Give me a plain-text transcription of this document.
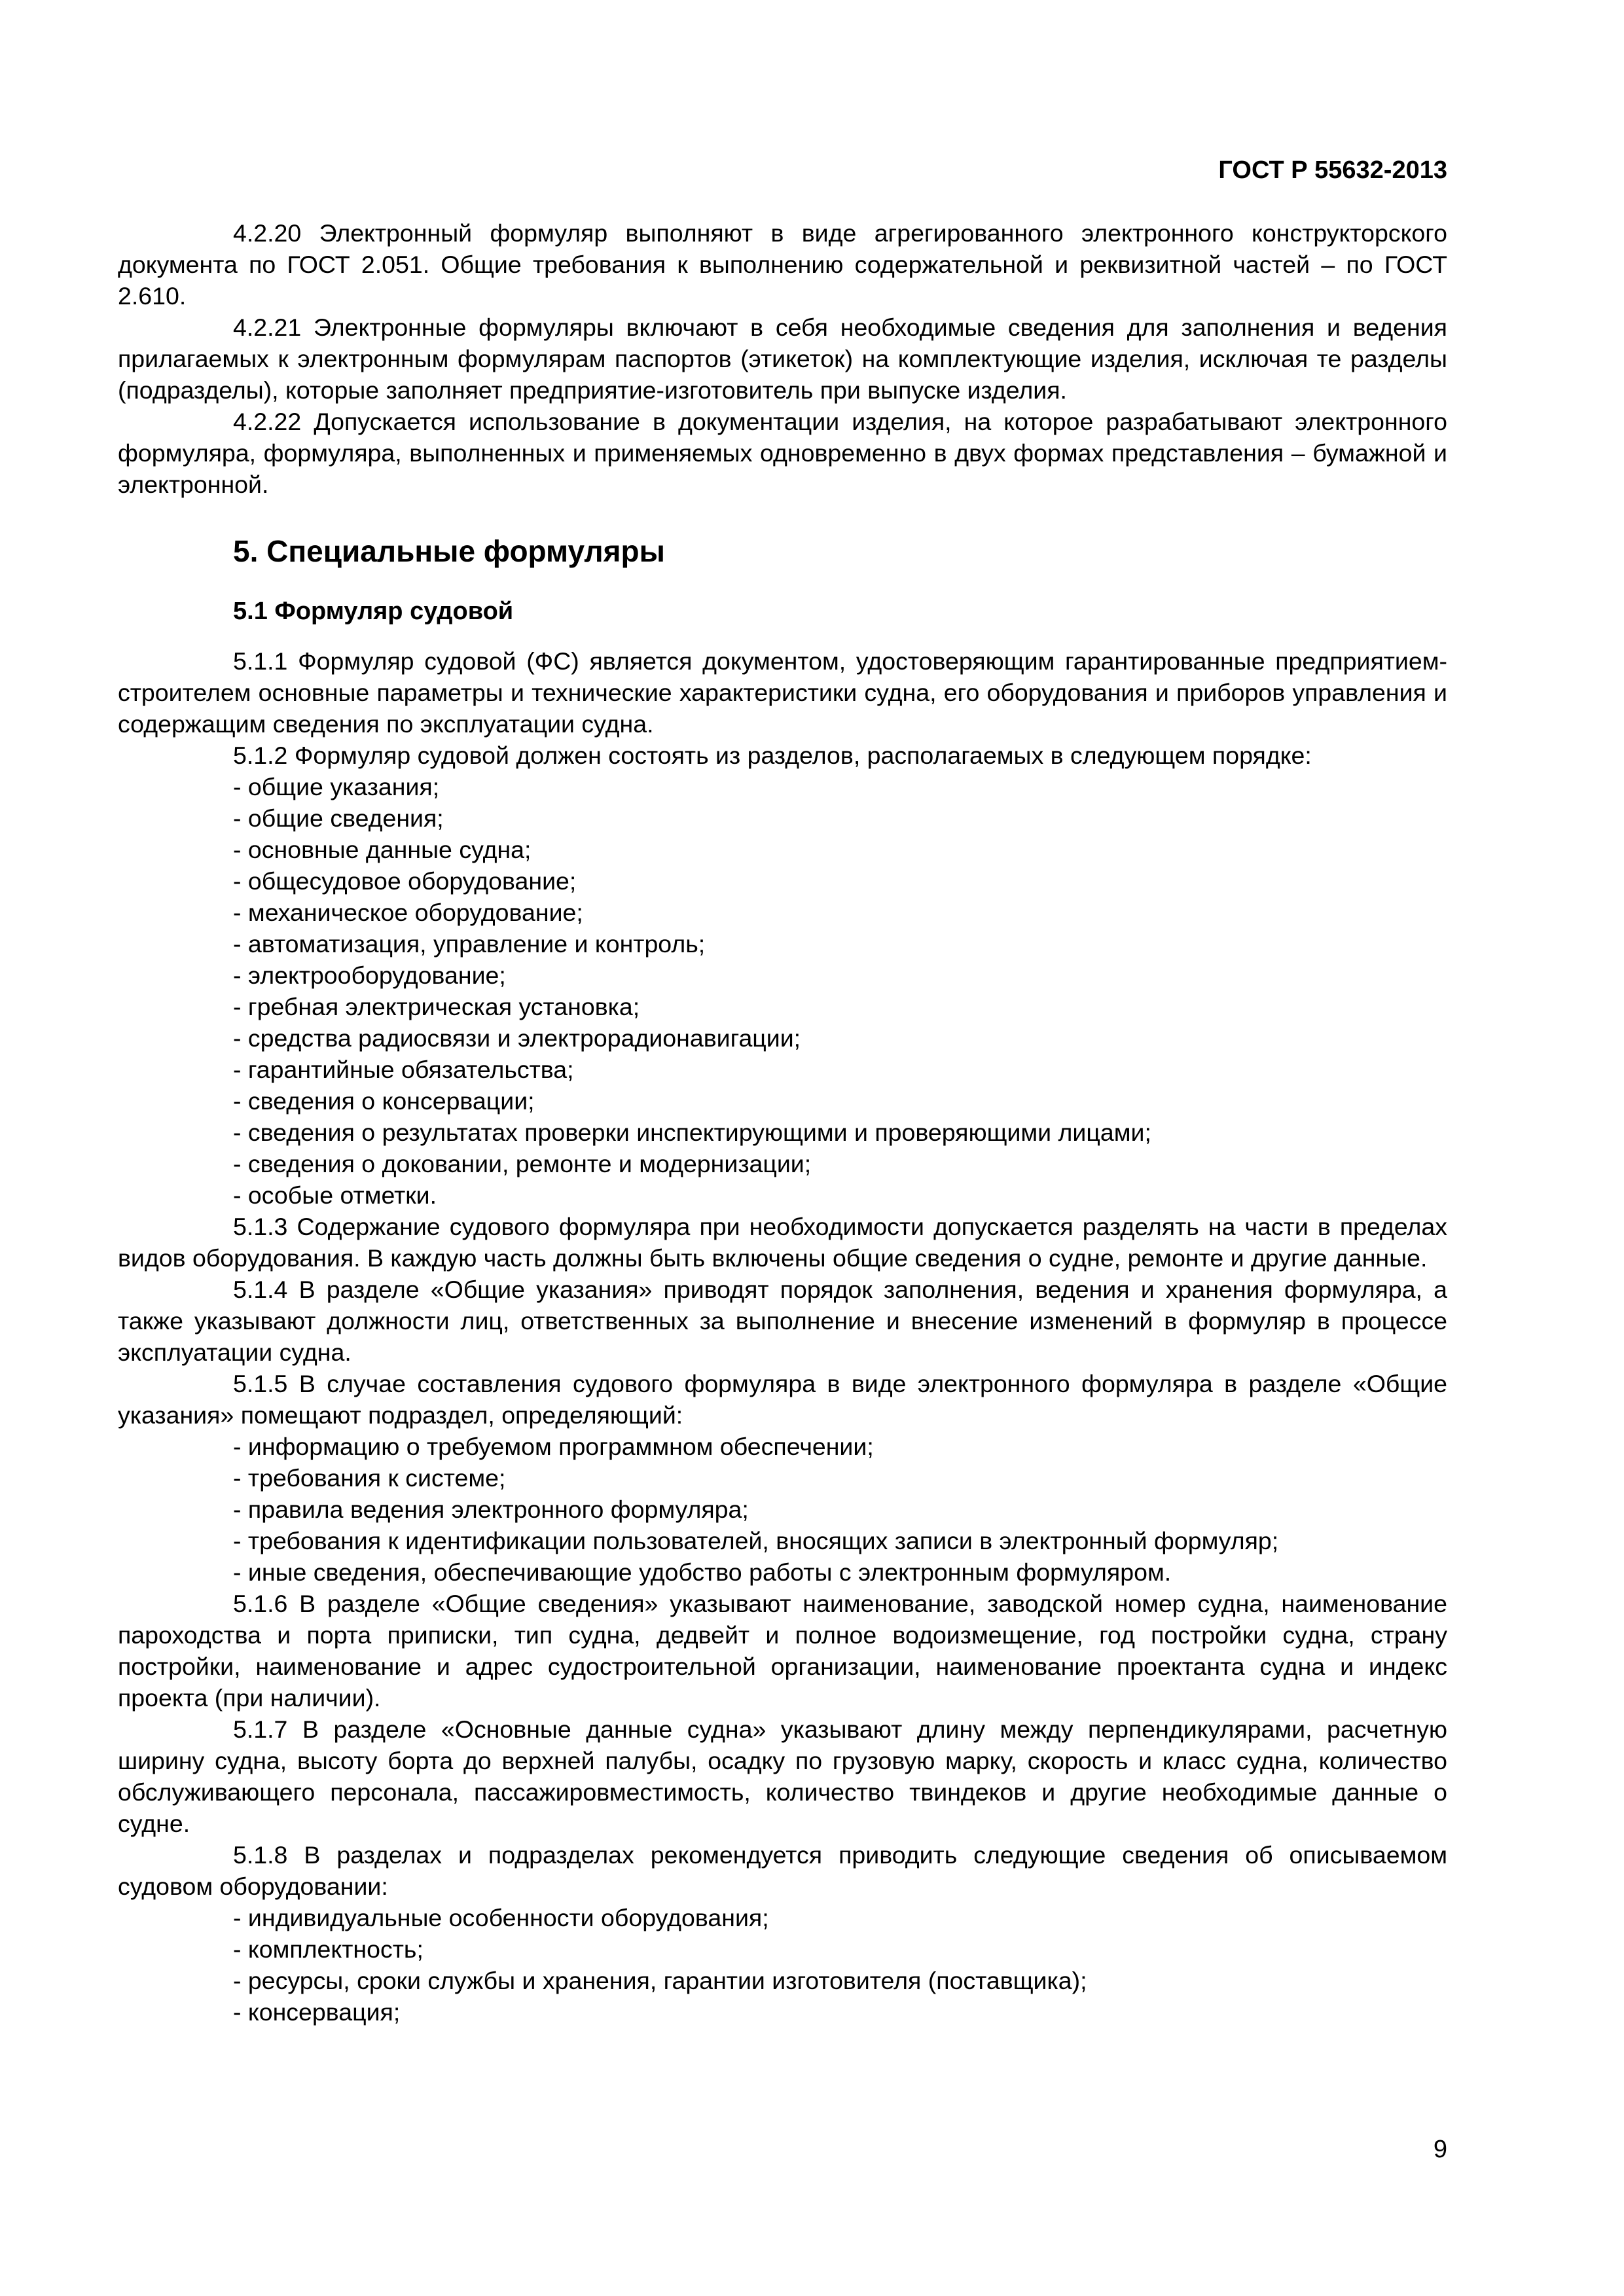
ГОСТ Р 55632-2013

4.2.20 Электронный формуляр выполняют в виде агрегированного электронного конструкторского документа по ГОСТ 2.051. Общие требования к выполнению содержательной и реквизитной частей – по ГОСТ 2.610.

4.2.21 Электронные формуляры включают в себя необходимые сведения для заполнения и ведения прилагаемых к электронным формулярам паспортов (этикеток) на комплектующие изделия, исключая те разделы (подразделы), которые заполняет предприятие-изготовитель при выпуске изделия.

4.2.22 Допускается использование в документации изделия, на которое разрабатывают электронного формуляра, формуляра, выполненных и применяемых одновременно в двух формах представления – бумажной и электронной.

5. Специальные формуляры
5.1 Формуляр судовой

5.1.1 Формуляр судовой (ФС) является документом, удостоверяющим гарантированные предприятием-строителем основные параметры и технические характеристики судна, его оборудования и приборов управления и содержащим сведения по эксплуатации судна.

5.1.2 Формуляр судовой должен состоять из разделов, располагаемых в следующем порядке:

- общие указания;

- общие сведения;

- основные данные судна;

- общесудовое оборудование;

- механическое оборудование;

- автоматизация, управление и контроль;

- электрооборудование;

- гребная электрическая установка;

- средства радиосвязи и электрорадионавигации;

- гарантийные обязательства;

- сведения о консервации;

- сведения о результатах проверки инспектирующими и проверяющими лицами;

- сведения о доковании, ремонте и модернизации;

- особые отметки.

5.1.3 Содержание судового формуляра при необходимости допускается разделять на части в пределах видов оборудования. В каждую часть должны быть включены общие сведения о судне, ремонте и другие данные.

5.1.4 В разделе «Общие указания» приводят порядок заполнения, ведения и хранения формуляра, а также указывают должности лиц, ответственных за выполнение и внесение изменений в формуляр в процессе эксплуатации судна.

5.1.5 В случае составления судового формуляра в виде электронного формуляра в разделе «Общие указания» помещают подраздел, определяющий:

- информацию о требуемом программном обеспечении;

- требования к системе;

- правила ведения электронного формуляра;

- требования к идентификации пользователей, вносящих записи в электронный формуляр;

- иные сведения, обеспечивающие удобство работы с электронным формуляром.

5.1.6 В разделе «Общие сведения» указывают наименование, заводской номер судна, наименование пароходства и порта приписки, тип судна, дедвейт и полное водоизмещение, год постройки судна, страну постройки, наименование и адрес судостроительной организации, наименование проектанта судна и индекс проекта (при наличии).

5.1.7 В разделе «Основные данные судна» указывают длину между перпендикулярами, расчетную ширину судна, высоту борта до верхней палубы, осадку по грузовую марку, скорость и класс судна, количество обслуживающего персонала, пассажировместимость, количество твиндеков и другие необходимые данные о судне.

5.1.8 В разделах и подразделах рекомендуется приводить следующие сведения об описываемом судовом оборудовании:

- индивидуальные особенности оборудования;

- комплектность;

- ресурсы, сроки службы и хранения, гарантии изготовителя (поставщика);

- консервация;

9
